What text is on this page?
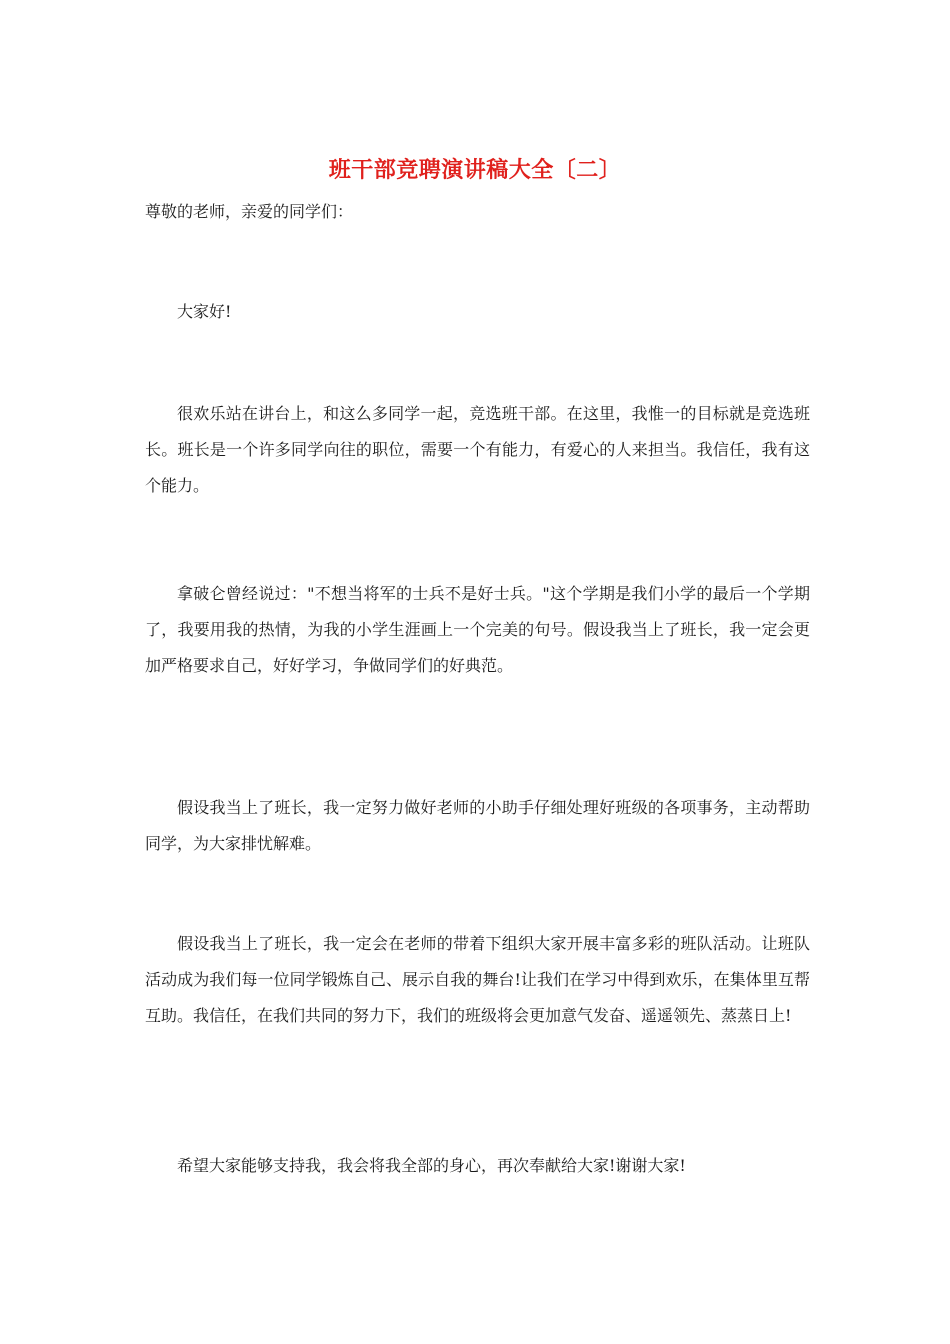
班干部竞聘演讲稿大全〔二〕
尊敬的老师，亲爱的同学们：

大家好!

很欢乐站在讲台上，和这么多同学一起，竞选班干部。在这里，我惟一的目标就是竞选班长。班长是一个许多同学向往的职位，需要一个有能力，有爱心的人来担当。我信任，我有这个能力。

拿破仑曾经说过："不想当将军的士兵不是好士兵。"这个学期是我们小学的最后一个学期了，我要用我的热情，为我的小学生涯画上一个完美的句号。假设我当上了班长，我一定会更加严格要求自己，好好学习，争做同学们的好典范。

假设我当上了班长，我一定努力做好老师的小助手仔细处理好班级的各项事务，主动帮助同学，为大家排忧解难。

假设我当上了班长，我一定会在老师的带着下组织大家开展丰富多彩的班队活动。让班队活动成为我们每一位同学锻炼自己、展示自我的舞台!让我们在学习中得到欢乐，在集体里互帮互助。我信任，在我们共同的努力下，我们的班级将会更加意气发奋、遥遥领先、蒸蒸日上!

希望大家能够支持我，我会将我全部的身心，再次奉献给大家!谢谢大家!
